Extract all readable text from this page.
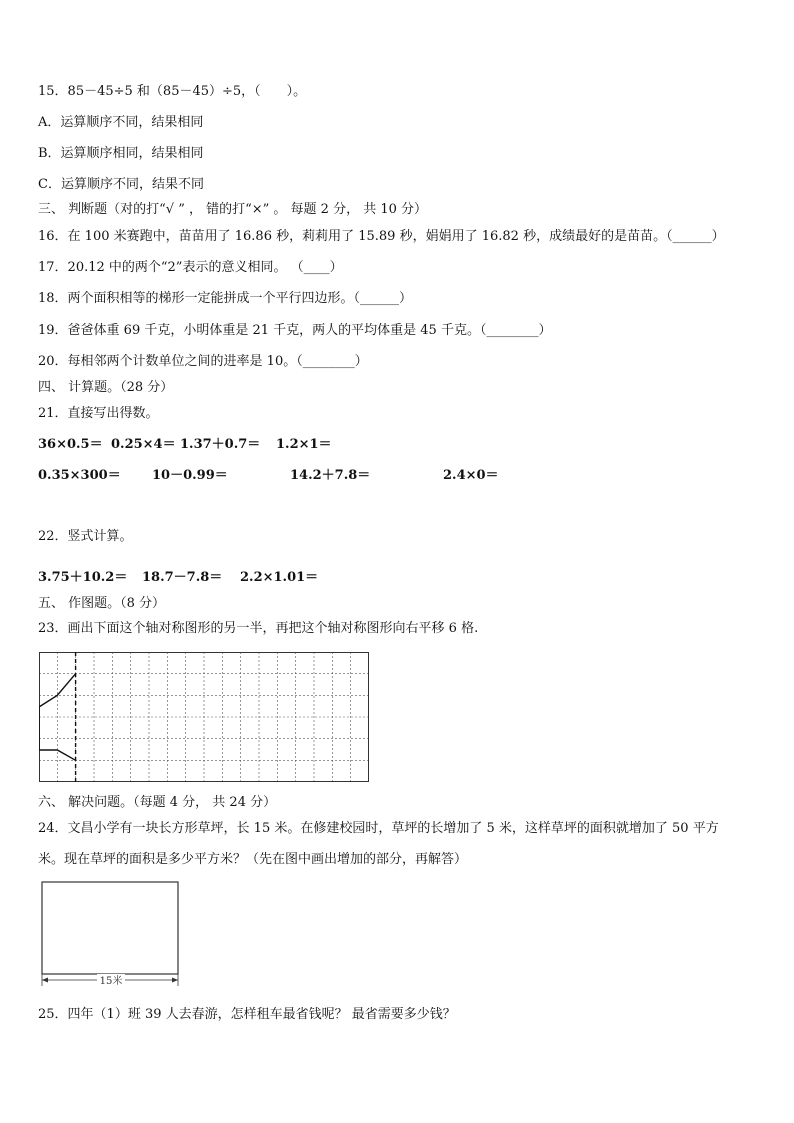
15．85－45÷5 和（85－45）÷5，（　　）。
A．运算顺序不同，结果相同
B．运算顺序相同，结果相同
C．运算顺序不同，结果不同
三、 判断题（对的打“√ ” ， 错的打“×” 。 每题 2 分， 共 10 分）
16．在 100 米赛跑中，苗苗用了 16.86 秒，莉莉用了 15.89 秒，娟娟用了 16.82 秒，成绩最好的是苗苗。（______）
17．20.12 中的两个“2”表示的意义相同。 （____）
18．两个面积相等的梯形一定能拼成一个平行四边形。（______）
19．爸爸体重 69 千克，小明体重是 21 千克，两人的平均体重是 45 千克。（________）
20．每相邻两个计数单位之间的进率是 10。（________）
四、 计算题。（28 分）
21．直接写出得数。
36×0.5＝ 0.25×4＝ 1.37＋0.7＝ 1.2×1＝
0.35×300＝ 10－0.99＝	14.2＋7.8＝	2.4×0＝
22．竖式计算。
3.75＋10.2＝ 18.7－7.8＝ 2.2×1.01＝
五、 作图题。（8 分）
23．画出下面这个轴对称图形的另一半，再把这个轴对称图形向右平移 6 格.
六、 解决问题。（每题 4 分， 共 24 分）
24．文昌小学有一块长方形草坪，长 15 米。在修建校园时，草坪的长增加了 5 米，这样草坪的面积就增加了 50 平方
米。现在草坪的面积是多少平方米？（先在图中画出增加的部分，再解答）
15米
25．四年（1）班 39 人去春游，怎样租车最省钱呢？ 最省需要多少钱？
